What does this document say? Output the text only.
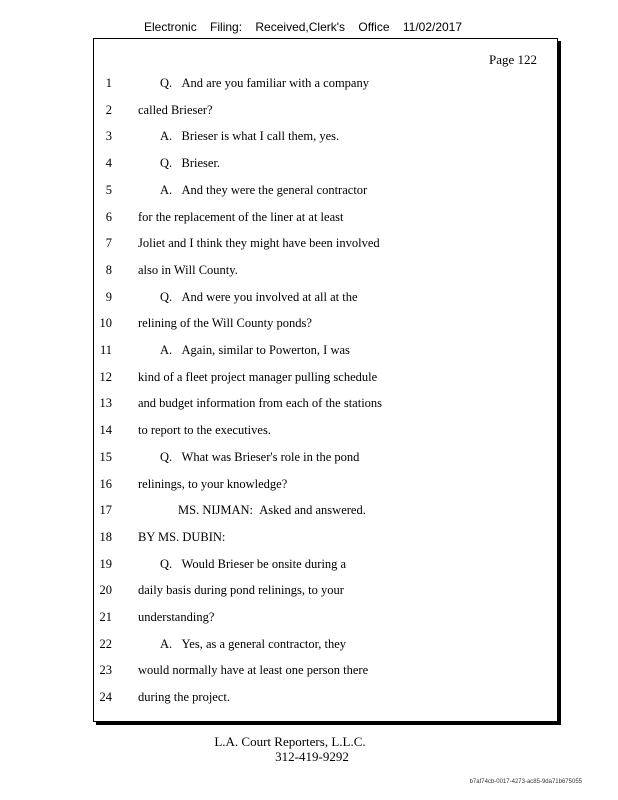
Electronic Filing: Received,Clerk's Office 11/02/2017
Page 122
1	Q.   And are you familiar with a company
2 called Brieser?
3	A.   Brieser is what I call them, yes.
4	Q.   Brieser.
5	A.   And they were the general contractor
6 for the replacement of the liner at at least
7 Joliet and I think they might have been involved
8 also in Will County.
9	Q.   And were you involved at all at the
10 relining of the Will County ponds?
11	A.   Again, similar to Powerton, I was
12 kind of a fleet project manager pulling schedule
13 and budget information from each of the stations
14 to report to the executives.
15	Q.   What was Brieser's role in the pond
16 relinings, to your knowledge?
17	MS. NIJMAN:  Asked and answered.
18 BY MS. DUBIN:
19	Q.   Would Brieser be onsite during a
20 daily basis during pond relinings, to your
21 understanding?
22	A.   Yes, as a general contractor, they
23 would normally have at least one person there
24 during the project.
L.A. Court Reporters, L.L.C.
312-419-9292
b7af74cb-0017-4273-ac85-9da71b675055
